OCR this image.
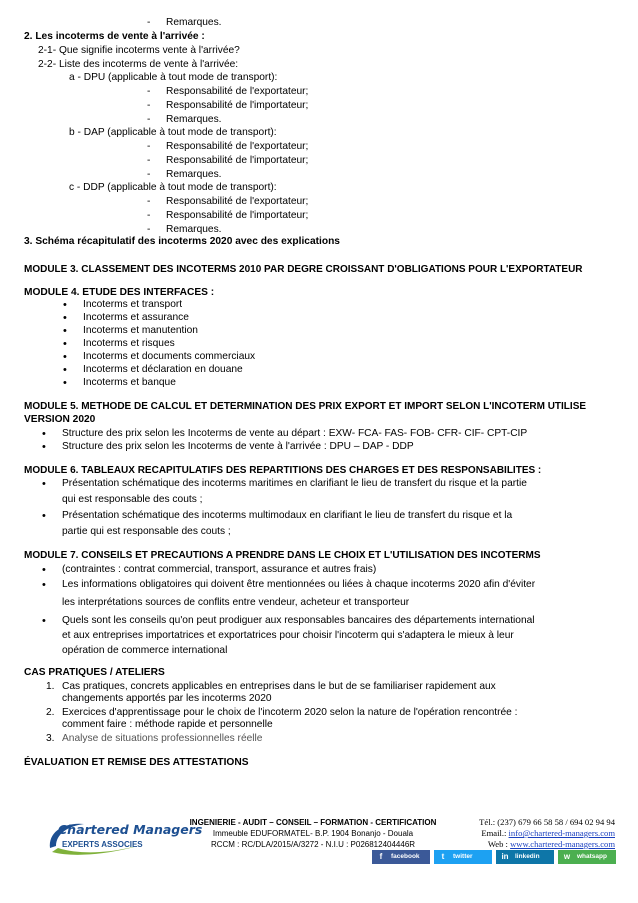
- Remarques.
2. Les incoterms de vente à l'arrivée :
2-1- Que signifie incoterms vente à l'arrivée?
2-2- Liste des incoterms de vente à l'arrivée:
a - DPU (applicable à tout mode de transport):
- Responsabilité de l'exportateur;
- Responsabilité de l'importateur;
- Remarques.
b - DAP (applicable à tout mode de transport):
- Responsabilité de l'exportateur;
- Responsabilité de l'importateur;
- Remarques.
c - DDP (applicable à tout mode de transport):
- Responsabilité de l'exportateur;
- Responsabilité de l'importateur;
- Remarques.
3. Schéma récapitulatif des incoterms 2020 avec des explications
MODULE 3. CLASSEMENT DES INCOTERMS 2010 PAR DEGRE CROISSANT D'OBLIGATIONS POUR L'EXPORTATEUR
MODULE 4. ETUDE DES INTERFACES :
• Incoterms et transport
• Incoterms et assurance
• Incoterms et manutention
• Incoterms et risques
• Incoterms et documents commerciaux
• Incoterms et déclaration en douane
• Incoterms et banque
MODULE 5. METHODE DE CALCUL ET DETERMINATION DES PRIX EXPORT ET IMPORT SELON L'INCOTERM UTILISE
VERSION 2020
• Structure des prix selon les Incoterms de vente au départ : EXW- FCA- FAS- FOB- CFR- CIF- CPT-CIP
• Structure des prix selon les Incoterms de vente à l'arrivée : DPU – DAP - DDP
MODULE 6. TABLEAUX RECAPITULATIFS DES REPARTITIONS DES CHARGES ET DES RESPONSABILITES :
• Présentation schématique des incoterms maritimes en clarifiant le lieu de transfert du risque et la partie
qui est responsable des couts ;
• Présentation schématique des incoterms multimodaux en clarifiant le lieu de transfert du risque et la
partie qui est responsable des couts ;
MODULE 7. CONSEILS ET PRECAUTIONS A PRENDRE DANS LE CHOIX ET L'UTILISATION DES INCOTERMS
• (contraintes : contrat commercial, transport, assurance et autres frais)
• Les informations obligatoires qui doivent être mentionnées ou liées à chaque incoterms 2020 afin d'éviter
les interprétations sources de conflits entre vendeur, acheteur et transporteur
• Quels sont les conseils qu'on peut prodiguer aux responsables bancaires des départements international
et aux entreprises importatrices et exportatrices pour choisir l'incoterm qui s'adaptera le mieux à leur
opération de commerce international
CAS PRATIQUES / ATELIERS
1. Cas pratiques, concrets applicables en entreprises dans le but de se familiariser rapidement aux
changements apportés par les incoterms 2020
2. Exercices d'apprentissage pour le choix de l'incoterm 2020 selon la nature de l'opération rencontrée :
comment faire : méthode rapide et personnelle
3. Analyse de situations professionnelles réelle
ÉVALUATION ET REMISE DES ATTESTATIONS
Chartered Managers
EXPERTS ASSOCIES
INGENIERIE - AUDIT – CONSEIL – FORMATION - CERTIFICATION
Immeuble EDUFORMATEL- B.P. 1904 Bonanjo - Douala
RCCM : RC/DLA/2015/A/3272 - N.I.U : P026812404446R
Tél.: (237) 679 66 58 58 / 694 02 94 94
Email.: info@chartered-managers.com
Web : www.chartered-managers.com
f facebook	t twitter	in linkedin	w whatsapp
